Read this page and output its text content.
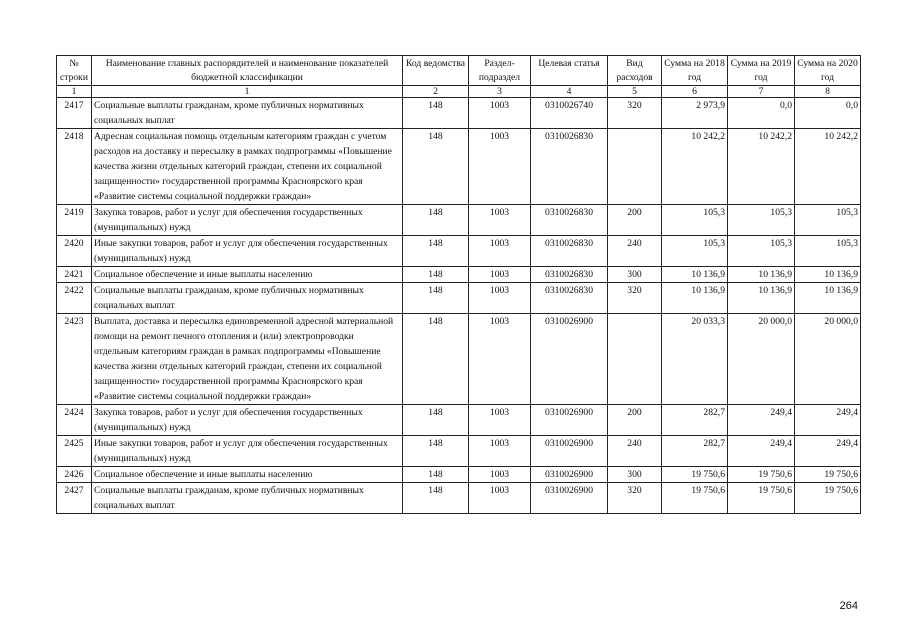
№ строки	Наименование главных распорядителей и наименование показателей бюджетной классификации	Код ведомства	Раздел-подраздел	Целевая статья	Вид расходов	Сумма на 2018 год	Сумма на 2019 год	Сумма на 2020 год
1	1	2	3	4	5	6	7	8
2417	Социальные выплаты гражданам, кроме публичных нормативных социальных выплат	148	1003	0310026740	320	2 973,9	0,0	0,0
2418	Адресная социальная помощь отдельным категориям граждан с учетом расходов на доставку и пересылку в рамках подпрограммы «Повышение качества жизни отдельных категорий граждан, степени их социальной защищенности» государственной программы Красноярского края «Развитие системы социальной поддержки граждан»	148	1003	0310026830		10 242,2	10 242,2	10 242,2
2419	Закупка товаров, работ и услуг для обеспечения государственных (муниципальных) нужд	148	1003	0310026830	200	105,3	105,3	105,3
2420	Иные закупки товаров, работ и услуг для обеспечения государственных (муниципальных) нужд	148	1003	0310026830	240	105,3	105,3	105,3
2421	Социальное обеспечение и иные выплаты населению	148	1003	0310026830	300	10 136,9	10 136,9	10 136,9
2422	Социальные выплаты гражданам, кроме публичных нормативных социальных выплат	148	1003	0310026830	320	10 136,9	10 136,9	10 136,9
2423	Выплата, доставка и пересылка единовременной адресной материальной помощи на ремонт печного отопления и (или) электропроводки отдельным категориям граждан в рамках подпрограммы «Повышение качества жизни отдельных категорий граждан, степени их социальной защищенности» государственной программы Красноярского края «Развитие системы социальной поддержки граждан»	148	1003	0310026900		20 033,3	20 000,0	20 000,0
2424	Закупка товаров, работ и услуг для обеспечения государственных (муниципальных) нужд	148	1003	0310026900	200	282,7	249,4	249,4
2425	Иные закупки товаров, работ и услуг для обеспечения государственных (муниципальных) нужд	148	1003	0310026900	240	282,7	249,4	249,4
2426	Социальное обеспечение и иные выплаты населению	148	1003	0310026900	300	19 750,6	19 750,6	19 750,6
2427	Социальные выплаты гражданам, кроме публичных нормативных социальных выплат	148	1003	0310026900	320	19 750,6	19 750,6	19 750,6
264
